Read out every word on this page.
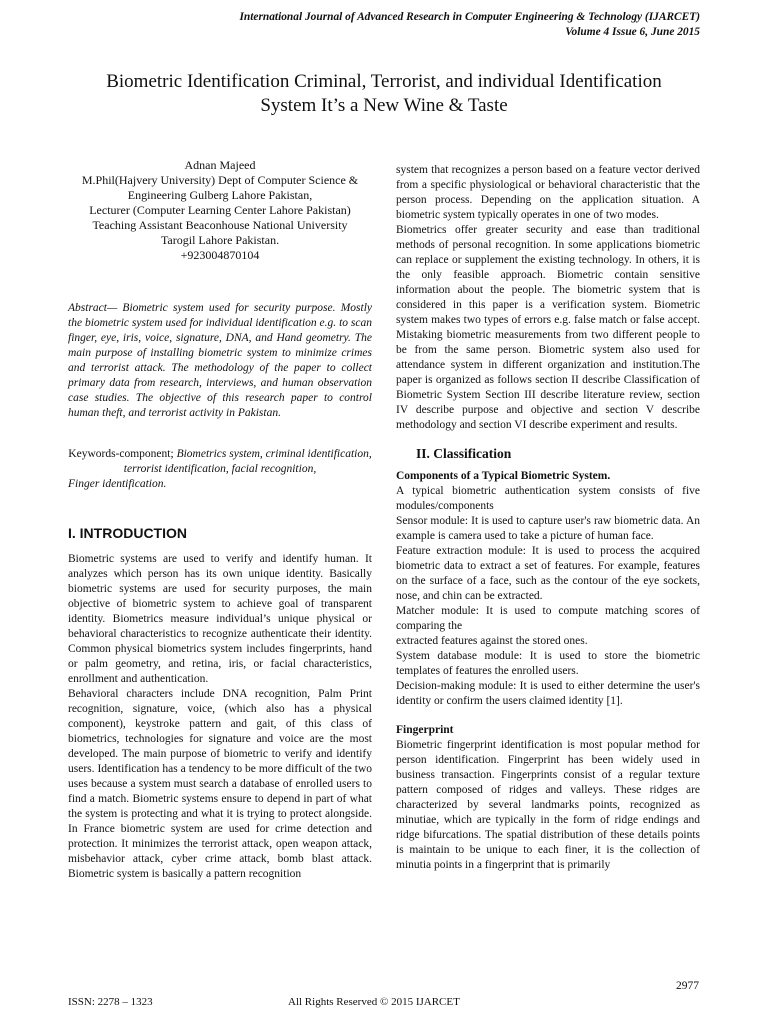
International Journal of Advanced Research in Computer Engineering & Technology (IJARCET)
Volume 4 Issue 6, June 2015
Biometric Identification Criminal, Terrorist, and individual Identification
System It’s a New Wine & Taste
Adnan Majeed
M.Phil(Hajvery University) Dept of Computer Science &
Engineering Gulberg Lahore Pakistan,
Lecturer (Computer Learning Center Lahore Pakistan)
Teaching Assistant Beaconhouse National University
Tarogil Lahore Pakistan.
+923004870104

Abstract— Biometric system used for security purpose. Mostly the biometric system used for individual identification e.g. to scan finger, eye, iris, voice, signature, DNA, and Hand geometry. The main purpose of installing biometric system to minimize crimes and terrorist attack. The methodology of the paper to collect primary data from research, interviews, and human observation case studies. The objective of this research paper to control human theft, and terrorist activity in Pakistan.

Keywords-component; Biometrics system, criminal identification, terrorist identification, facial recognition,
Finger identification.
I. INTRODUCTION

Biometric systems are used to verify and identify human. It analyzes which person has its own unique identity. Basically biometric systems are used for security purposes, the main objective of biometric system to achieve goal of transparent identity. Biometrics measure individual’s unique physical or behavioral characteristics to recognize authenticate their identity. Common physical biometrics system includes fingerprints, hand or palm geometry, and retina, iris, or facial characteristics, enrollment and authentication.

Behavioral characters include DNA recognition, Palm Print recognition, signature, voice, (which also has a physical component), keystroke pattern and gait, of this class of biometrics, technologies for signature and voice are the most developed. The main purpose of biometric to verify and identify users. Identification has a tendency to be more difficult of the two uses because a system must search a database of enrolled users to find a match. Biometric systems ensure to depend in part of what the system is protecting and what it is trying to protect alongside. In France biometric system are used for crime detection and protection. It minimizes the terrorist attack, open weapon attack, misbehavior attack, cyber crime attack, bomb blast attack. Biometric system is basically a pattern recognition

system that recognizes a person based on a feature vector derived from a specific physiological or behavioral characteristic that the person process. Depending on the application situation. A biometric system typically operates in one of two modes.

Biometrics offer greater security and ease than traditional methods of personal recognition. In some applications biometric can replace or supplement the existing technology. In others, it is the only feasible approach. Biometric contain sensitive information about the people. The biometric system that is considered in this paper is a verification system. Biometric system makes two types of errors e.g. false match or false accept. Mistaking biometric measurements from two different people to be from the same person. Biometric system also used for attendance system in different organization and institution.The paper is organized as follows section II describe Classification of Biometric System Section III describe literature review, section IV describe purpose and objective and section V describe methodology and section VI describe experiment and results.

II. Classification
Components of a Typical Biometric System.

A typical biometric authentication system consists of five modules/components

Sensor module: It is used to capture user's raw biometric data. An example is camera used to take a picture of human face.

Feature extraction module: It is used to process the acquired biometric data to extract a set of features. For example, features on the surface of a face, such as the contour of the eye sockets, nose, and chin can be extracted.

Matcher module: It is used to compute matching scores of comparing the

extracted features against the stored ones.

System database module: It is used to store the biometric templates of features the enrolled users.

Decision-making module: It is used to either determine the user's identity or confirm the users claimed identity [1].

Fingerprint

Biometric fingerprint identification is most popular method for person identification. Fingerprint has been widely used in business transaction. Fingerprints consist of a regular texture pattern composed of ridges and valleys. These ridges are characterized by several landmarks points, recognized as minutiae, which are typically in the form of ridge endings and ridge bifurcations. The spatial distribution of these details points is maintain to be unique to each finer, it is the collection of minutia points in a fingerprint that is primarily

2977
ISSN: 2278 – 1323	All Rights Reserved © 2015 IJARCET
